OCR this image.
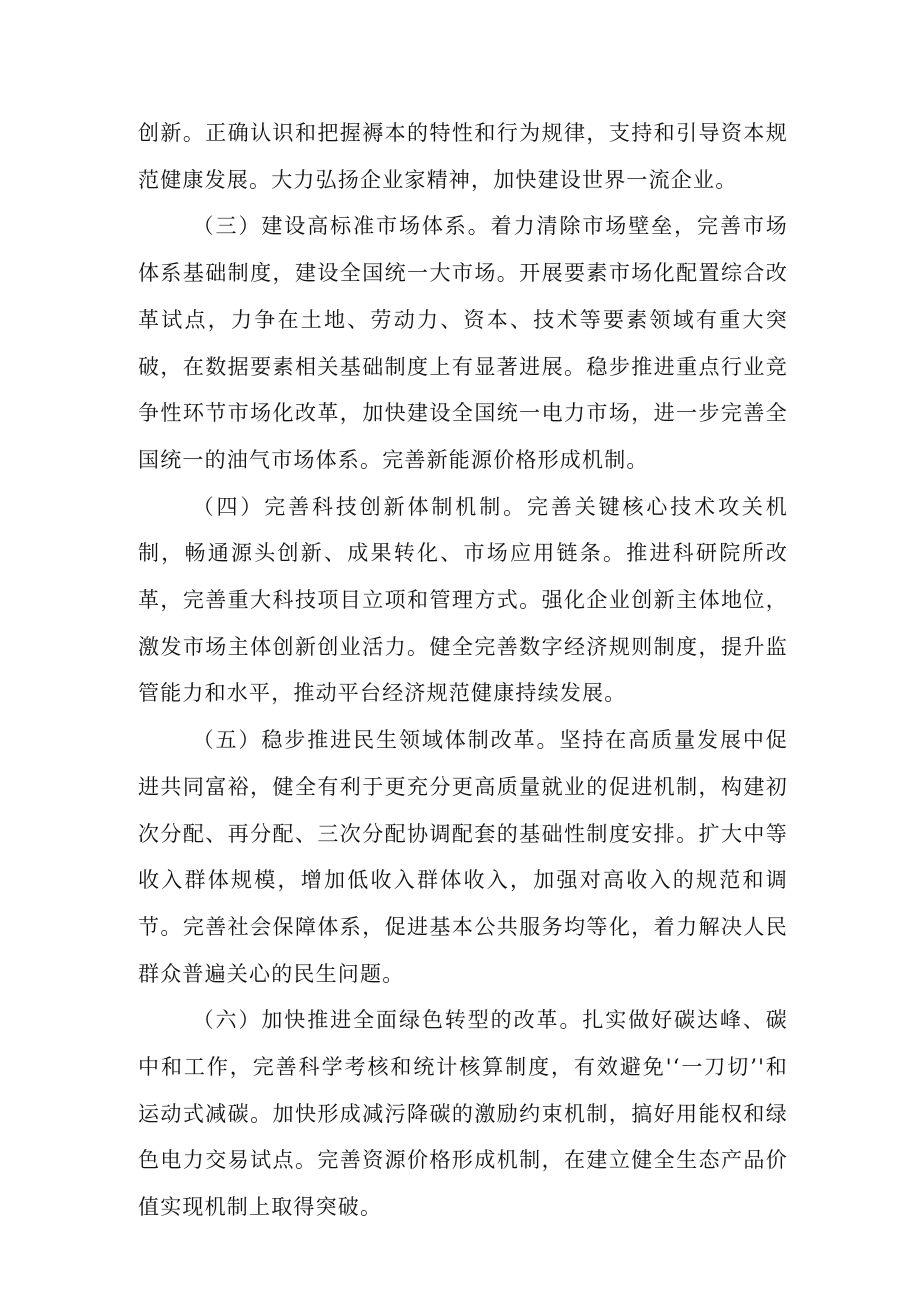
创新。正确认识和把握褥本的特性和行为规律，支持和引导资本规范健康发展。大力弘扬企业家精神，加快建设世界一流企业。

（三）建设高标准市场体系。着力清除市场壁垒，完善市场体系基础制度，建设全国统一大市场。开展要素市场化配置综合改革试点，力争在土地、劳动力、资本、技术等要素领域有重大突破，在数据要素相关基础制度上有显著进展。稳步推进重点行业竞争性环节市场化改革，加快建设全国统一电力市场，进一步完善全国统一的油气市场体系。完善新能源价格形成机制。

（四）完善科技创新体制机制。完善关键核心技术攻关机制，畅通源头创新、成果转化、市场应用链条。推进科研院所改革，完善重大科技项目立项和管理方式。强化企业创新主体地位，激发市场主体创新创业活力。健全完善数字经济规则制度，提升监管能力和水平，推动平台经济规范健康持续发展。

（五）稳步推进民生领域体制改革。坚持在高质量发展中促进共同富裕，健全有利于更充分更高质量就业的促进机制，构建初次分配、再分配、三次分配协调配套的基础性制度安排。扩大中等收入群体规模，增加低收入群体收入，加强对高收入的规范和调节。完善社会保障体系，促进基本公共服务均等化，着力解决人民群众普遍关心的民生问题。

（六）加快推进全面绿色转型的改革。扎实做好碳达峰、碳中和工作，完善科学考核和统计核算制度，有效避免'‘一刀切’'和运动式减碳。加快形成减污降碳的激励约束机制，搞好用能权和绿色电力交易试点。完善资源价格形成机制，在建立健全生态产品价值实现机制上取得突破。
